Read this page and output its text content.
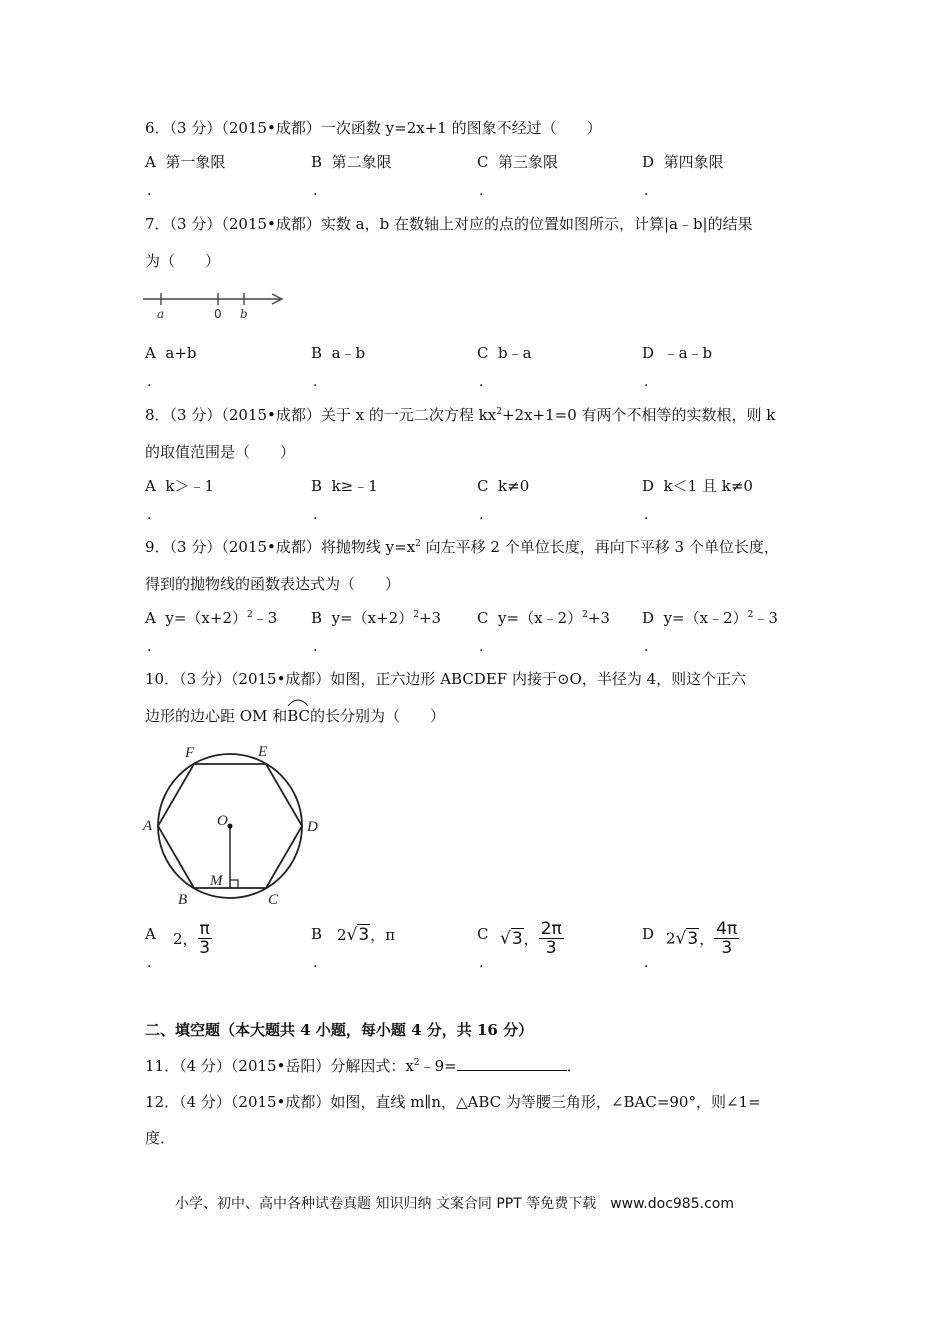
6．（3 分）（2015•成都）一次函数 y=2x+1 的图象不经过（　　）
A 第一象限	B 第二象限	C 第三象限	D 第四象限
.	.	.	.
7．（3 分）（2015•成都）实数 a，b 在数轴上对应的点的位置如图所示，计算|a﹣b|的结果
为（　　）
a	0 b
A a+b	B a﹣b	C b﹣a	D ﹣a﹣b
.	.	.	.
8．（3 分）（2015•成都）关于 x 的一元二次方程 $kx^2+2x+1=0$ 有两个不相等的实数根，则 k
的取值范围是（　　）
A k＞﹣1	B k≥﹣1	C k≠0	D k＜1 且 k≠0
.	.	.	.
9．（3 分）（2015•成都）将抛物线 $y=x^2$ 向左平移 2 个单位长度，再向下平移 3 个单位长度，
得到的抛物线的函数表达式为（　　）
A $y=(x+2)^2﹣3$ B $y=(x+2)^2+3$ C y=（x﹣2）$^2$+3 D y=（x﹣2）$^2$﹣3
.	.	.	.
10．（3 分）（2015•成都）如图，正六边形 ABCDEF 内接于⊙O，半径为 4，则这个正六
边形的边心距 OM 和
BC的长分别为（　　）
F	E
A	D
O
M
B	C
A 2， $\frac{\pi}{3}$	B 2√3，π	C √3， $\frac{2\pi}{3}$	D 2√3， $\frac{4\pi}{3}$
.	.	.	.
二、填空题（本大题共 4 小题，每小题 4 分，共 16 分）
11．（4 分）（2015•岳阳）分解因式：$x^2﹣9=$	．
12．（4 分）（2015•成都）如图，直线 m∥n，△ABC 为等腰三角形，∠BAC=90°，则∠1=
度．
小学、初中、高中各种试卷真题 知识归纳 文案合同 PPT 等免费下载　www.doc985.com
